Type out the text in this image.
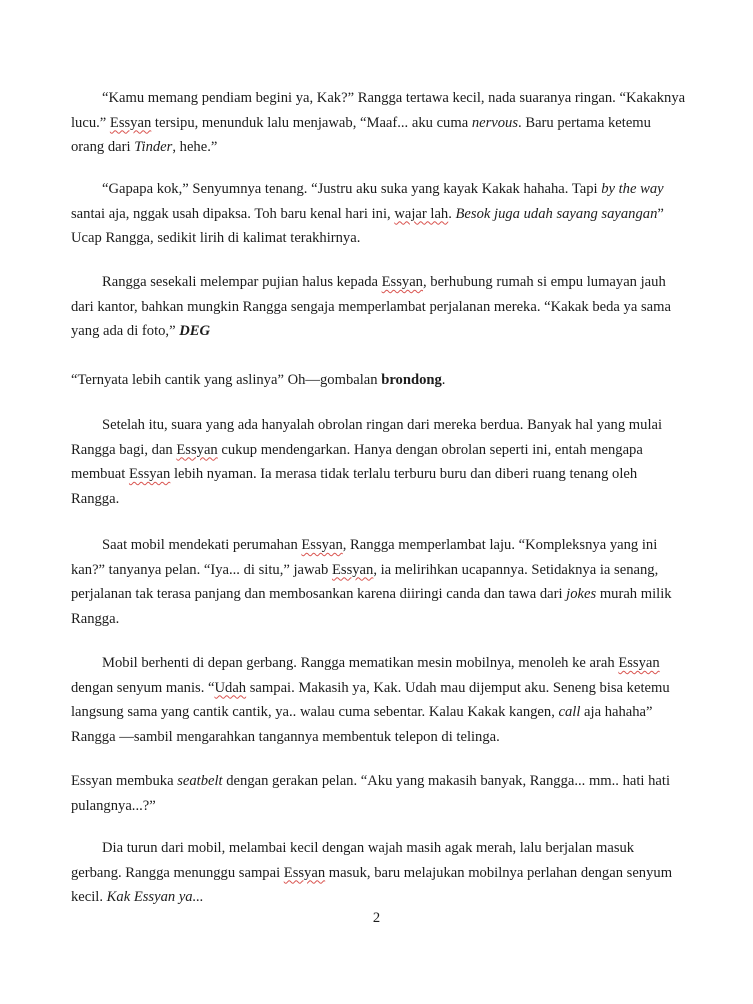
“Kamu memang pendiam begini ya, Kak?” Rangga tertawa kecil, nada suaranya ringan. “Kakaknya lucu.” Essyan tersipu, menunduk lalu menjawab, “Maaf... aku cuma nervous. Baru pertama ketemu orang dari Tinder, hehe.”

“Gapapa kok,” Senyumnya tenang. “Justru aku suka yang kayak Kakak hahaha. Tapi by the way santai aja, nggak usah dipaksa. Toh baru kenal hari ini, wajar lah. Besok juga udah sayang sayangan” Ucap Rangga, sedikit lirih di kalimat terakhirnya.

Rangga sesekali melempar pujian halus kepada Essyan, berhubung rumah si empu lumayan jauh dari kantor, bahkan mungkin Rangga sengaja memperlambat perjalanan mereka. “Kakak beda ya sama yang ada di foto,” DEG

“Ternyata lebih cantik yang aslinya” Oh—gombalan brondong.

Setelah itu, suara yang ada hanyalah obrolan ringan dari mereka berdua. Banyak hal yang mulai Rangga bagi, dan Essyan cukup mendengarkan. Hanya dengan obrolan seperti ini, entah mengapa membuat Essyan lebih nyaman. Ia merasa tidak terlalu terburu buru dan diberi ruang tenang oleh Rangga.

Saat mobil mendekati perumahan Essyan, Rangga memperlambat laju. “Kompleksnya yang ini kan?” tanyanya pelan. “Iya... di situ,” jawab Essyan, ia melirihkan ucapannya. Setidaknya ia senang, perjalanan tak terasa panjang dan membosankan karena diiringi canda dan tawa dari jokes murah milik Rangga.

Mobil berhenti di depan gerbang. Rangga mematikan mesin mobilnya, menoleh ke arah Essyan dengan senyum manis. “Udah sampai. Makasih ya, Kak. Udah mau dijemput aku. Seneng bisa ketemu langsung sama yang cantik cantik, ya.. walau cuma sebentar. Kalau Kakak kangen, call aja hahaha” Rangga —sambil mengarahkan tangannya membentuk telepon di telinga.

Essyan membuka seatbelt dengan gerakan pelan. “Aku yang makasih banyak, Rangga... mm.. hati hati pulangnya...?”

Dia turun dari mobil, melambai kecil dengan wajah masih agak merah, lalu berjalan masuk gerbang. Rangga menunggu sampai Essyan masuk, baru melajukan mobilnya perlahan dengan senyum kecil. Kak Essyan ya...

2
